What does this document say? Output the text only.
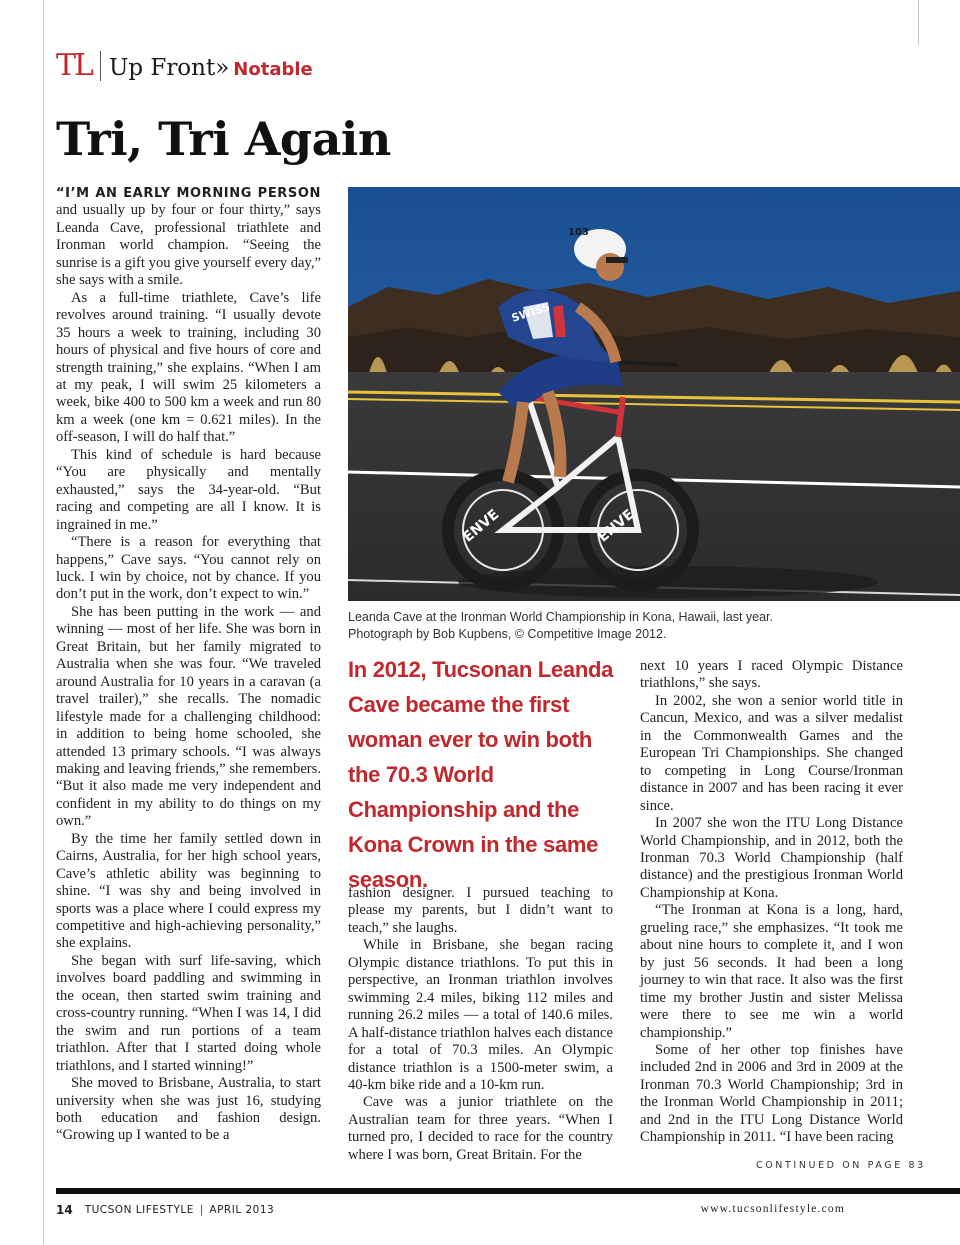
TL Up Front» Notable
Tri, Tri Again

“I’M AN EARLY MORNING PERSON and usually up by four or four thirty,” says Leanda Cave, professional triathlete and Ironman world champion. “Seeing the sunrise is a gift you give yourself every day,” she says with a smile.

As a full-time triathlete, Cave’s life revolves around training. “I usually devote 35 hours a week to training, including 30 hours of physical and five hours of core and strength training,” she explains. “When I am at my peak, I will swim 25 kilometers a week, bike 400 to 500 km a week and run 80 km a week (one km = 0.621 miles). In the off-season, I will do half that.”

This kind of schedule is hard because “You are physically and mentally exhausted,” says the 34-year-old. “But racing and competing are all I know. It is ingrained in me.”

“There is a reason for everything that happens,” Cave says. “You cannot rely on luck. I win by choice, not by chance. If you don’t put in the work, don’t expect to win.”

She has been putting in the work — and winning — most of her life. She was born in Great Britain, but her family migrated to Australia when she was four. “We traveled around Australia for 10 years in a caravan (a travel trailer),” she recalls. The nomadic lifestyle made for a challenging childhood: in addition to being home schooled, she attended 13 primary schools. “I was always making and leaving friends,” she remembers. “But it also made me very independent and confident in my ability to do things on my own.”

By the time her family settled down in Cairns, Australia, for her high school years, Cave’s athletic ability was beginning to shine. “I was shy and being involved in sports was a place where I could express my competitive and high-achieving personality,” she explains.

She began with surf life-saving, which involves board paddling and swimming in the ocean, then started swim training and cross-country running. “When I was 14, I did the swim and run portions of a team triathlon. After that I started doing whole triathlons, and I started winning!”

She moved to Brisbane, Australia, to start university when she was just 16, studying both education and fashion design. “Growing up I wanted to be a

103
SWISS
ENVE	ENVE
Leanda Cave at the Ironman World Championship in Kona, Hawaii, last year.
Photograph by Bob Kupbens, © Competitive Image 2012.
In 2012, Tucsonan Leanda Cave became the first woman ever to win both the 70.3 World Championship and the Kona Crown in the same season.

fashion designer. I pursued teaching to please my parents, but I didn’t want to teach,” she laughs.

While in Brisbane, she began racing Olympic distance triathlons. To put this in perspective, an Ironman triathlon involves swimming 2.4 miles, biking 112 miles and running 26.2 miles — a total of 140.6 miles. A half-distance triathlon halves each distance for a total of 70.3 miles. An Olympic distance triathlon is a 1500-meter swim, a 40-km bike ride and a 10-km run.

Cave was a junior triathlete on the Australian team for three years. “When I turned pro, I decided to race for the country where I was born, Great Britain. For the

next 10 years I raced Olympic Distance triathlons,” she says.

In 2002, she won a senior world title in Cancun, Mexico, and was a silver medalist in the Commonwealth Games and the European Tri Championships. She changed to competing in Long Course/Ironman distance in 2007 and has been racing it ever since.

In 2007 she won the ITU Long Distance World Championship, and in 2012, both the Ironman 70.3 World Championship (half distance) and the prestigious Ironman World Championship at Kona.

“The Ironman at Kona is a long, hard, grueling race,” she emphasizes. “It took me about nine hours to complete it, and I won by just 56 seconds. It had been a long journey to win that race. It also was the first time my brother Justin and sister Melissa were there to see me win a world championship.”

Some of her other top finishes have included 2nd in 2006 and 3rd in 2009 at the Ironman 70.3 World Championship; 3rd in the Ironman World Championship in 2011; and 2nd in the ITU Long Distance World Championship in 2011. “I have been racing

CONTINUED ON PAGE 83
14 TUCSON LIFESTYLE | APRIL 2013	www.tucsonlifestyle.com
